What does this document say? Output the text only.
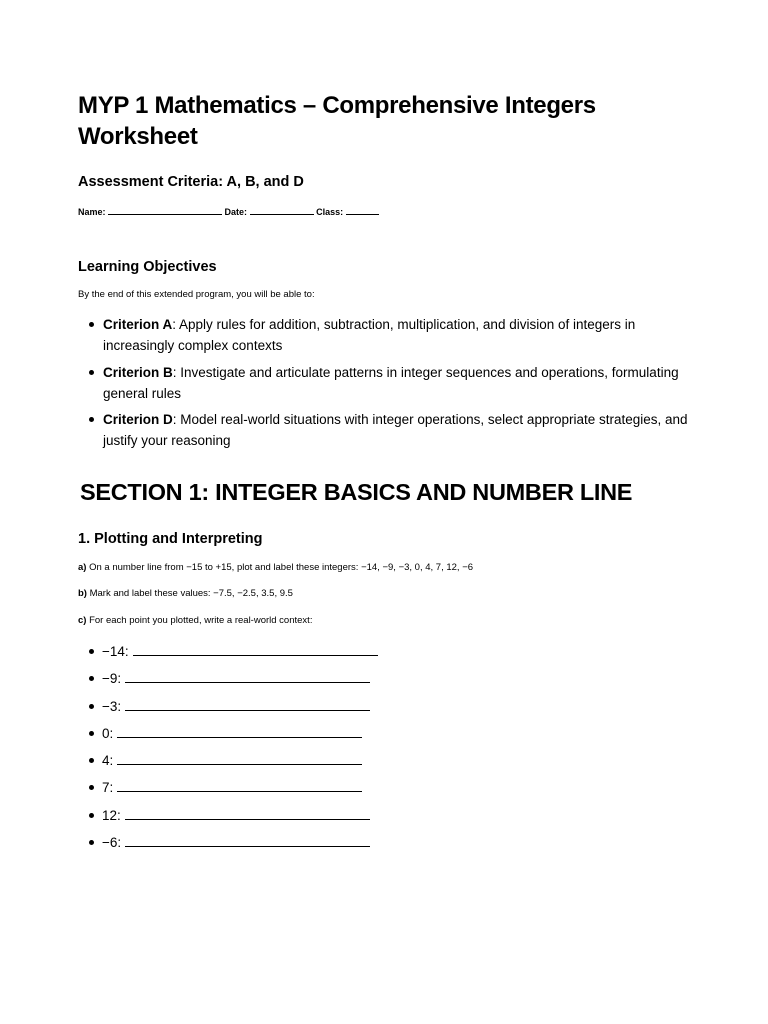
MYP 1 Mathematics – Comprehensive Integers Worksheet
Assessment Criteria: A, B, and D
Name:	Date:	Class:
Learning Objectives

By the end of this extended program, you will be able to:

Criterion A: Apply rules for addition, subtraction, multiplication, and division of integers in increasingly complex contexts
Criterion B: Investigate and articulate patterns in integer sequences and operations, formulating general rules
Criterion D: Model real-world situations with integer operations, select appropriate strategies, and justify your reasoning
SECTION 1: INTEGER BASICS AND NUMBER LINE
1. Plotting and Interpreting

a) On a number line from −15 to +15, plot and label these integers: −14, −9, −3, 0, 4, 7, 12, −6

b) Mark and label these values: −7.5, −2.5, 3.5, 9.5

c) For each point you plotted, write a real-world context:

−14:
−9:
−3:
0:
4:
7:
12:
−6:
